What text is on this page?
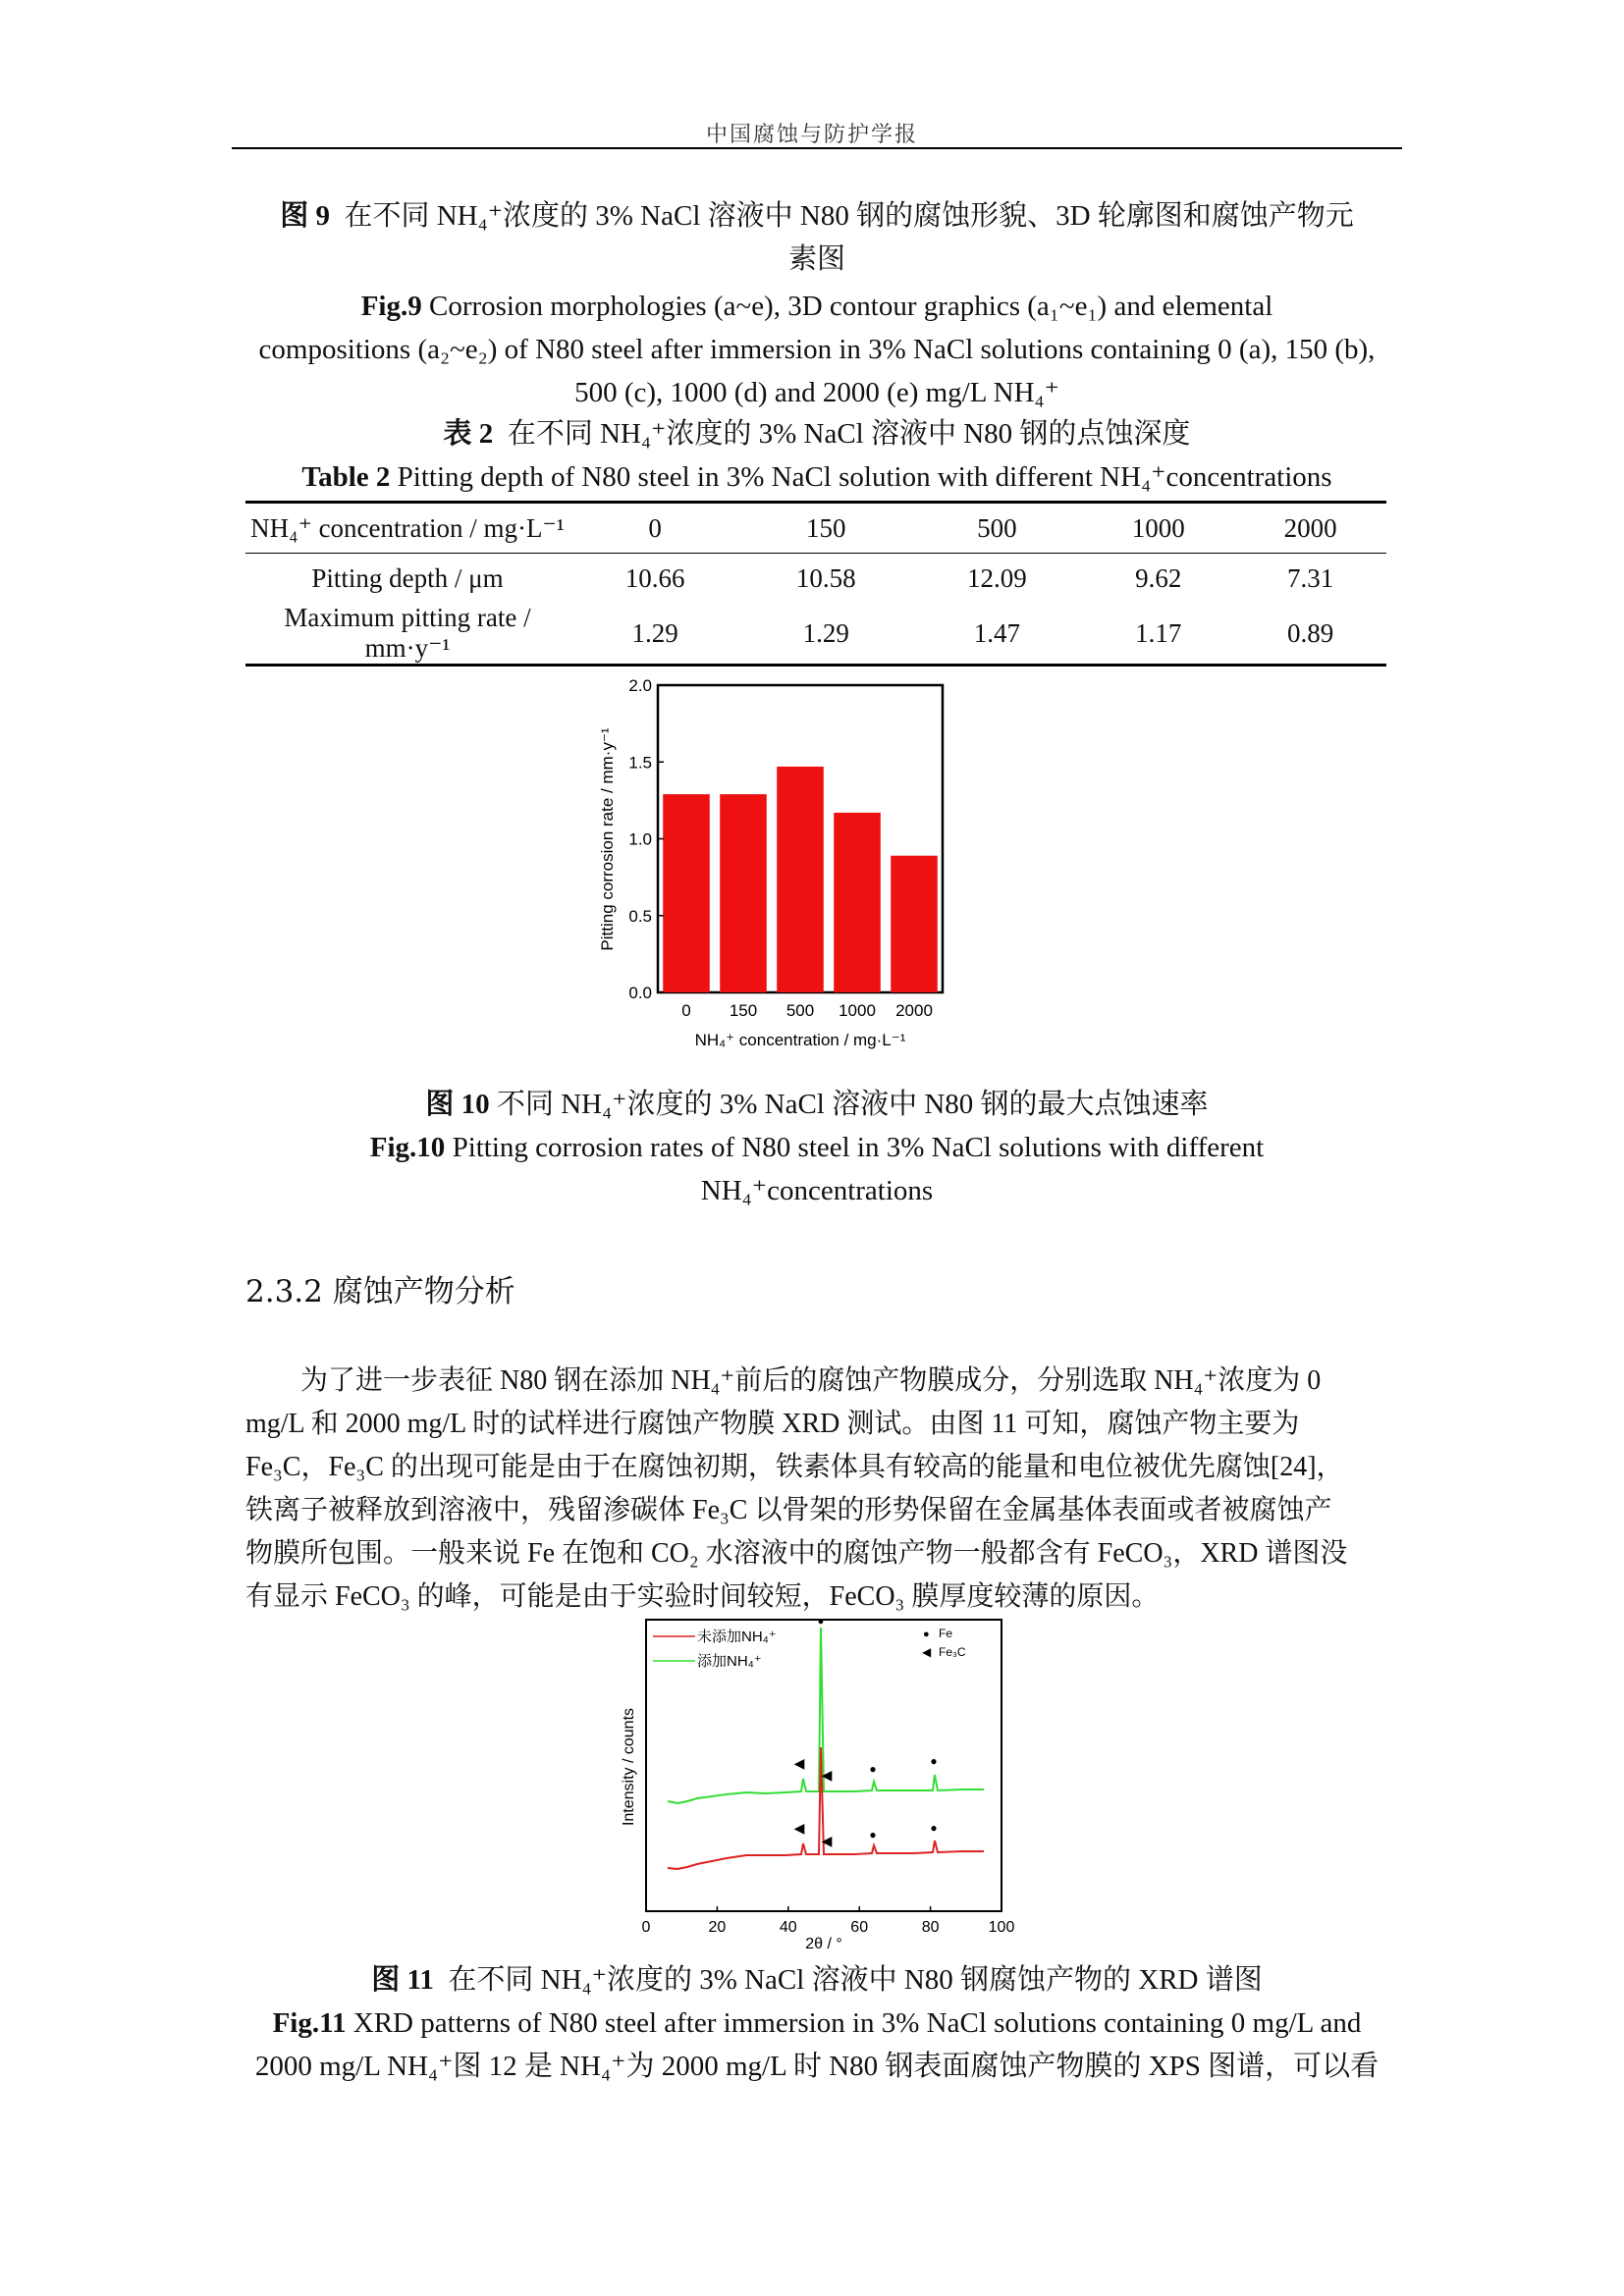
中国腐蚀与防护学报
图 9 在不同 NH₄⁺浓度的 3% NaCl 溶液中 N80 钢的腐蚀形貌、3D 轮廓图和腐蚀产物元
素图
Fig.9 Corrosion morphologies (a~e), 3D contour graphics (a₁~e₁) and elemental
compositions (a₂~e₂) of N80 steel after immersion in 3% NaCl solutions containing 0 (a), 150 (b),
500 (c), 1000 (d) and 2000 (e) mg/L NH₄⁺
表 2 在不同 NH₄⁺浓度的 3% NaCl 溶液中 N80 钢的点蚀深度
Table 2 Pitting depth of N80 steel in 3% NaCl solution with different NH₄⁺concentrations
NH₄⁺ concentration / mg·L⁻¹	0	150	500	1000	2000
Pitting depth / μm	10.66	10.58	12.09	9.62	7.31
Maximum pitting rate / mm·y⁻¹	1.29	1.29	1.47	1.17	0.89
0.0
0.5
1.0
1.5
2.0
0 150 500 1000 2000
Pitting corrosion rate / mm·y⁻¹
NH₄⁺ concentration / mg·L⁻¹
图 10 不同 NH₄⁺浓度的 3% NaCl 溶液中 N80 钢的最大点蚀速率
Fig.10 Pitting corrosion rates of N80 steel in 3% NaCl solutions with different
NH₄⁺concentrations
2.3.2 腐蚀产物分析
为了进一步表征 N80 钢在添加 NH₄⁺前后的腐蚀产物膜成分，分别选取 NH₄⁺浓度为 0
mg/L 和 2000 mg/L 时的试样进行腐蚀产物膜 XRD 测试。由图 11 可知，腐蚀产物主要为
Fe₃C，Fe₃C 的出现可能是由于在腐蚀初期，铁素体具有较高的能量和电位被优先腐蚀[24]，
铁离子被释放到溶液中，残留渗碳体 Fe₃C 以骨架的形势保留在金属基体表面或者被腐蚀产
物膜所包围。一般来说 Fe 在饱和 CO₂ 水溶液中的腐蚀产物一般都含有 FeCO₃，XRD 谱图没
有显示 FeCO₃ 的峰，可能是由于实验时间较短，FeCO₃ 膜厚度较薄的原因。
◀
◀	●
●
●
◀
◀	●	●
未添加NH₄⁺
添加NH₄⁺
● Fe
◀ Fe₃C
0	20	40	60	80	100
Intensity / counts
2θ / °
图 11 在不同 NH₄⁺浓度的 3% NaCl 溶液中 N80 钢腐蚀产物的 XRD 谱图
Fig.11 XRD patterns of N80 steel after immersion in 3% NaCl solutions containing 0 mg/L and
2000 mg/L NH₄⁺图 12 是 NH₄⁺为 2000 mg/L 时 N80 钢表面腐蚀产物膜的 XPS 图谱，可以看
